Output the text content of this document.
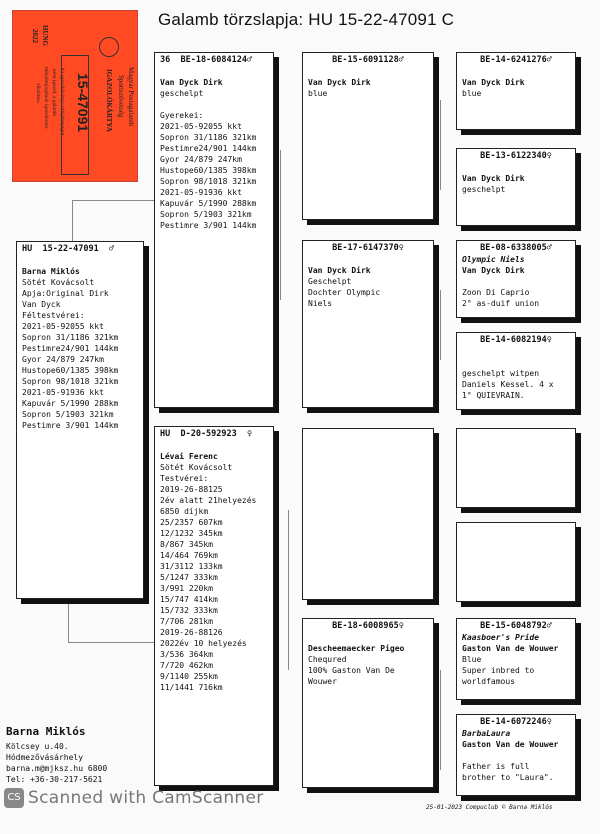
Galamb törzslapja: HU 15-22-47091 C
HUNG
2022
Magyar Postagalamb
Sportszövetség
IGAZOLÓKÁRTYA
15-47091
Az igazolókártya tulajdonjogot
nem igazol, a galamb
tulajdonjogának igazolására
alkalmas.
HU  15-22-47091  ♂
Barna Miklós
Sötét Kovácsolt
Apja:Original Dirk
Van Dyck
Féltestvérei:
2021-05-92055 kkt
Sopron 31/1186 321km
Pestimre24/901 144km
Gyor 24/879 247km
Hustope60/1385 398km
Sopron 98/1018 321km
2021-05-91936 kkt
Kapuvár 5/1990 288km
Sopron 5/1903 321km
Pestimre 3/901 144km
36  BE-18-6084124♂
Van Dyck Dirk
geschelpt
Gyerekei:
2021-05-92055 kkt
Sopron 31/1186 321km
Pestimre24/901 144km
Gyor 24/879 247km
Hustope60/1385 398km
Sopron 98/1018 321km
2021-05-91936 kkt
Kapuvár 5/1990 288km
Sopron 5/1903 321km
Pestimre 3/901 144km
HU  D-20-592923  ♀
Lévai Ferenc
Sötét Kovácsolt
Testvérei:
2019-26-88125
2év alatt 21helyezés
6850 díjkm
25/2357 607km
12/1232 345km
8/867 345km
14/464 769km
31/3112 133km
5/1247 333km
3/991 220km
15/747 414km
15/732 333km
7/706 281km
2019-26-88126
2022év 10 helyezés
3/536 364km
7/720 462km
9/1140 255km
11/1441 716km
BE-15-6091128♂
Van Dyck Dirk
blue
BE-17-6147370♀
Van Dyck Dirk
Geschelpt
Dochter Olympic
Niels
BE-18-6008965♀
Descheemaecker Pigeo
Chequred
100% Gaston Van De
Wouwer
BE-14-6241276♂
Van Dyck Dirk
blue
BE-13-6122340♀
Van Dyck Dirk
geschelpt
BE-08-6338005♂
Olympic Niels
Van Dyck Dirk
Zoon Di Caprio
2° as-duif union
BE-14-6082194♀
geschelpt witpen
Daniels Kessel. 4 x
1° QUIEVRAIN.
BE-15-6048792♂
Kaasboer's Pride
Gaston Van de Wouwer
Blue
Super inbred to
worldfamous
BE-14-6072246♀
BarbaLaura
Gaston Van de Wouwer
Father is full
brother to "Laura".
Barna Miklós
Kölcsey u.40.
Hódmezővásárhely
barna.m@mjksz.hu 6800
Tel: +36-30-217-5621
CS Scanned with CamScanner	25-01-2023 Compuclub © Barna Miklós
